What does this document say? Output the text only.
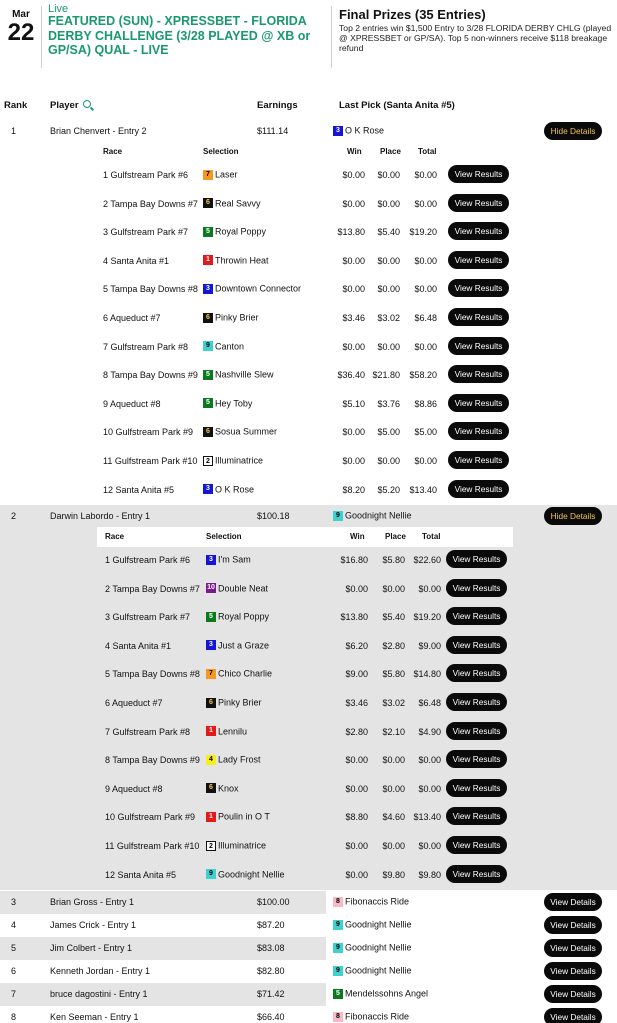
Mar
22
Live
FEATURED (SUN) - XPRESSBET - FLORIDA DERBY CHALLENGE (3/28 PLAYED @ XB or GP/SA) QUAL - LIVE
Final Prizes (35 Entries)
Top 2 entries win $1,500 Entry to 3/28 FLORIDA DERBY CHLG (played @ XPRESSBET or GP/SA). Top 5 non-winners receive $118 breakage refund
Rank Player	Earnings	Last Pick (Santa Anita #5)
1	Brian Chenvert - Entry 2	$111.14	3 O K Rose	Hide Details
Race	Selection	Win Place Total
1 Gulfstream Park #6	7 Laser	$0.00	$0.00	$0.00	View Results
2 Tampa Bay Downs #7	6 Real Savvy	$0.00	$0.00	$0.00	View Results
3 Gulfstream Park #7	5 Royal Poppy	$13.80	$5.40	$19.20	View Results
4 Santa Anita #1	1 Throwin Heat	$0.00	$0.00	$0.00	View Results
5 Tampa Bay Downs #8	3 Downtown Connector	$0.00	$0.00	$0.00	View Results
6 Aqueduct #7	6 Pinky Brier	$3.46	$3.02	$6.48	View Results
7 Gulfstream Park #8	9 Canton	$0.00	$0.00	$0.00	View Results
8 Tampa Bay Downs #9	5 Nashville Slew	$36.40 $21.80	$58.20	View Results
9 Aqueduct #8	5 Hey Toby	$5.10	$3.76	$8.86	View Results
10 Gulfstream Park #9	6 Sosua Summer	$0.00	$5.00	$5.00	View Results
11 Gulfstream Park #10	2 Illuminatrice	$0.00	$0.00	$0.00	View Results
12 Santa Anita #5	3 O K Rose	$8.20	$5.20	$13.40	View Results
2	Darwin Labordo - Entry 1	$100.18	9 Goodnight Nellie	Hide Details
Race	Selection	Win	Place Total
1 Gulfstream Park #6	3 I'm Sam	$16.80	$5.80 $22.60	View Results
2 Tampa Bay Downs #7 10 Double Neat	$0.00	$0.00	$0.00	View Results
3 Gulfstream Park #7	5 Royal Poppy	$13.80	$5.40 $19.20	View Results
4 Santa Anita #1	3 Just a Graze	$6.20	$2.80	$9.00	View Results
5 Tampa Bay Downs #8	7 Chico Charlie	$9.00	$5.80 $14.80	View Results
6 Aqueduct #7	6 Pinky Brier	$3.46	$3.02	$6.48	View Results
7 Gulfstream Park #8	1 Lennilu	$2.80	$2.10	$4.90	View Results
8 Tampa Bay Downs #9	4 Lady Frost	$0.00	$0.00	$0.00	View Results
9 Aqueduct #8	6 Knox	$0.00	$0.00	$0.00	View Results
10 Gulfstream Park #9	1 Poulin in O T	$8.80	$4.60 $13.40	View Results
11 Gulfstream Park #10	2 Illuminatrice	$0.00	$0.00	$0.00	View Results
12 Santa Anita #5	9 Goodnight Nellie	$0.00	$9.80	$9.80	View Results
3	Brian Gross - Entry 1	$100.00	8 Fibonaccis Ride	View Details
4	James Crick - Entry 1	$87.20	9 Goodnight Nellie	View Details
5	Jim Colbert - Entry 1	$83.08	9 Goodnight Nellie	View Details
6	Kenneth Jordan - Entry 1	$82.80	9 Goodnight Nellie	View Details
7	bruce dagostini - Entry 1	$71.42	5 Mendelssohns Angel	View Details
8	Ken Seeman - Entry 1	$66.40	8 Fibonaccis Ride	View Details
